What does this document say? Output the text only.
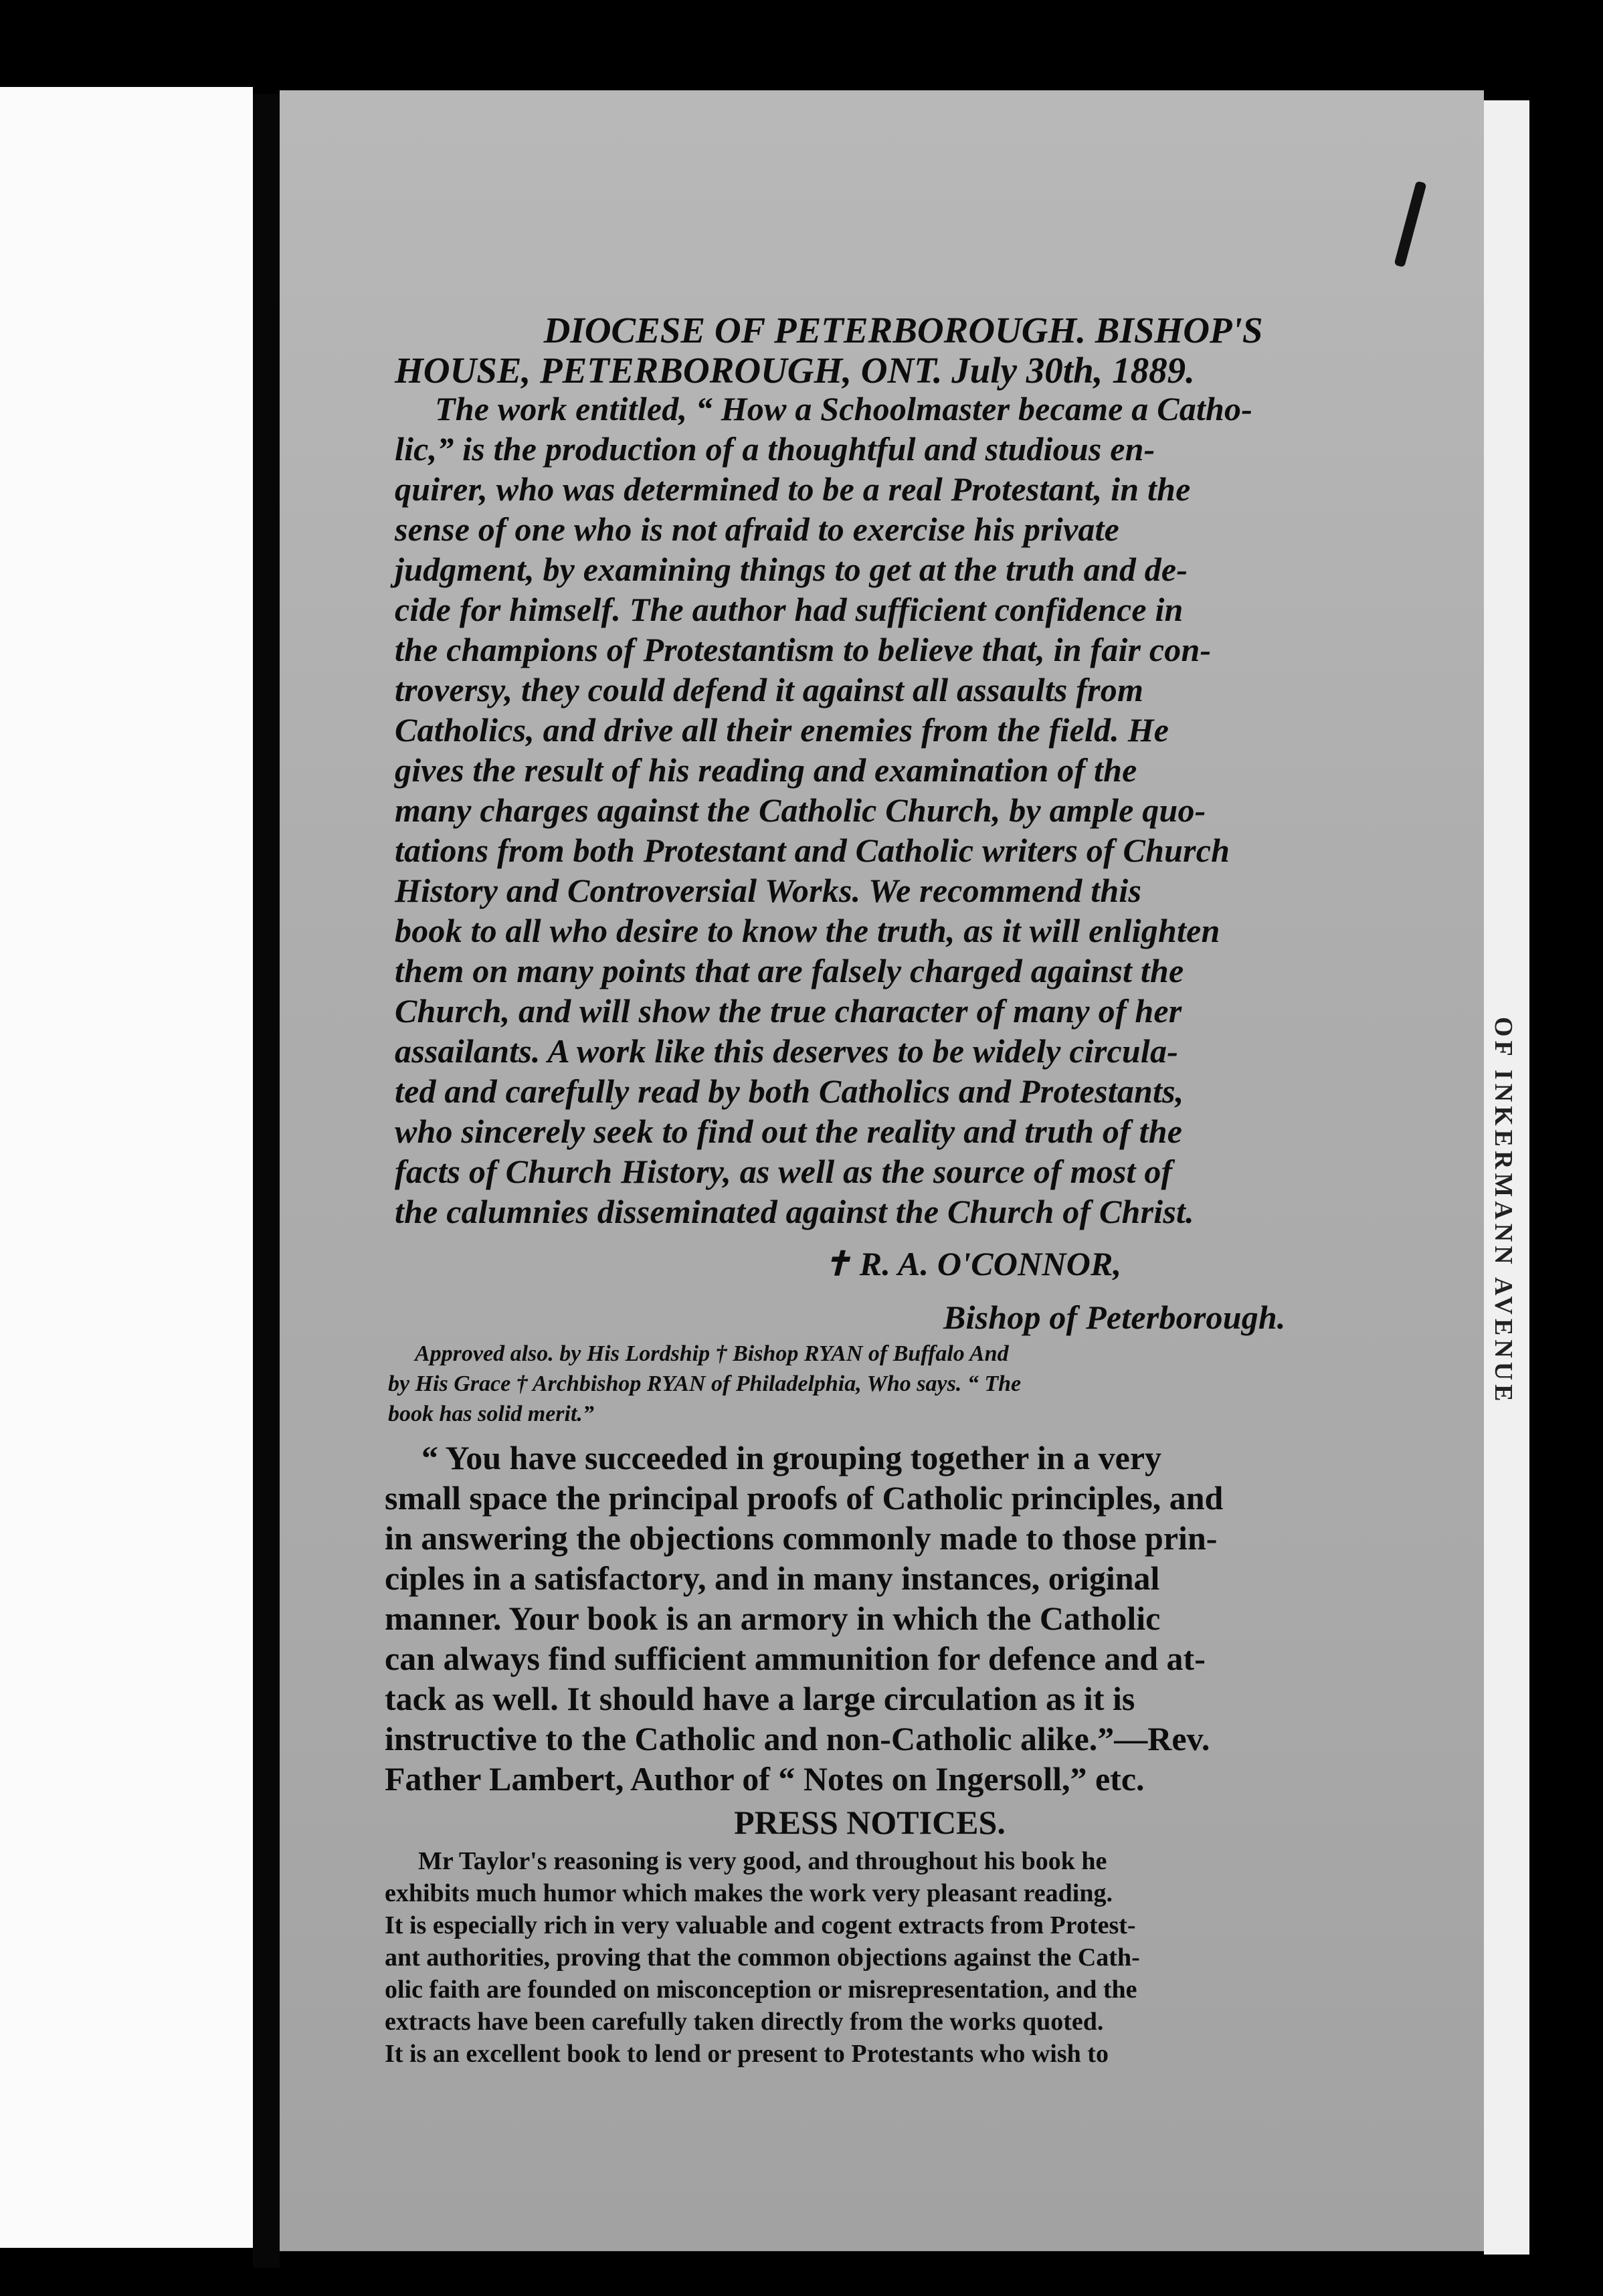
OF INKERMANN AVENUE
DIOCESE OF PETERBOROUGH. BISHOP'S
HOUSE, PETERBOROUGH, ONT. July 30th, 1889.
The work entitled, “ How a Schoolmaster became a Catho-
lic,” is the production of a thoughtful and studious en-
quirer, who was determined to be a real Protestant, in the
sense of one who is not afraid to exercise his private
judgment, by examining things to get at the truth and de-
cide for himself. The author had sufficient confidence in
the champions of Protestantism to believe that, in fair con-
troversy, they could defend it against all assaults from
Catholics, and drive all their enemies from the field. He
gives the result of his reading and examination of the
many charges against the Catholic Church, by ample quo-
tations from both Protestant and Catholic writers of Church
History and Controversial Works. We recommend this
book to all who desire to know the truth, as it will enlighten
them on many points that are falsely charged against the
Church, and will show the true character of many of her
assailants. A work like this deserves to be widely circula-
ted and carefully read by both Catholics and Protestants,
who sincerely seek to find out the reality and truth of the
facts of Church History, as well as the source of most of
the calumnies disseminated against the Church of Christ.
✝ R. A. O'CONNOR,
Bishop of Peterborough.
Approved also. by His Lordship † Bishop RYAN of Buffalo And
by His Grace † Archbishop RYAN of Philadelphia, Who says. “ The
book has solid merit.”
“ You have succeeded in grouping together in a very
small space the principal proofs of Catholic principles, and
in answering the objections commonly made to those prin-
ciples in a satisfactory, and in many instances, original
manner. Your book is an armory in which the Catholic
can always find sufficient ammunition for defence and at-
tack as well. It should have a large circulation as it is
instructive to the Catholic and non-Catholic alike.”—Rev.
Father Lambert, Author of “ Notes on Ingersoll,” etc.
PRESS NOTICES.
Mr Taylor's reasoning is very good, and throughout his book he
exhibits much humor which makes the work very pleasant reading.
It is especially rich in very valuable and cogent extracts from Protest-
ant authorities, proving that the common objections against the Cath-
olic faith are founded on misconception or misrepresentation, and the
extracts have been carefully taken directly from the works quoted.
It is an excellent book to lend or present to Protestants who wish to
